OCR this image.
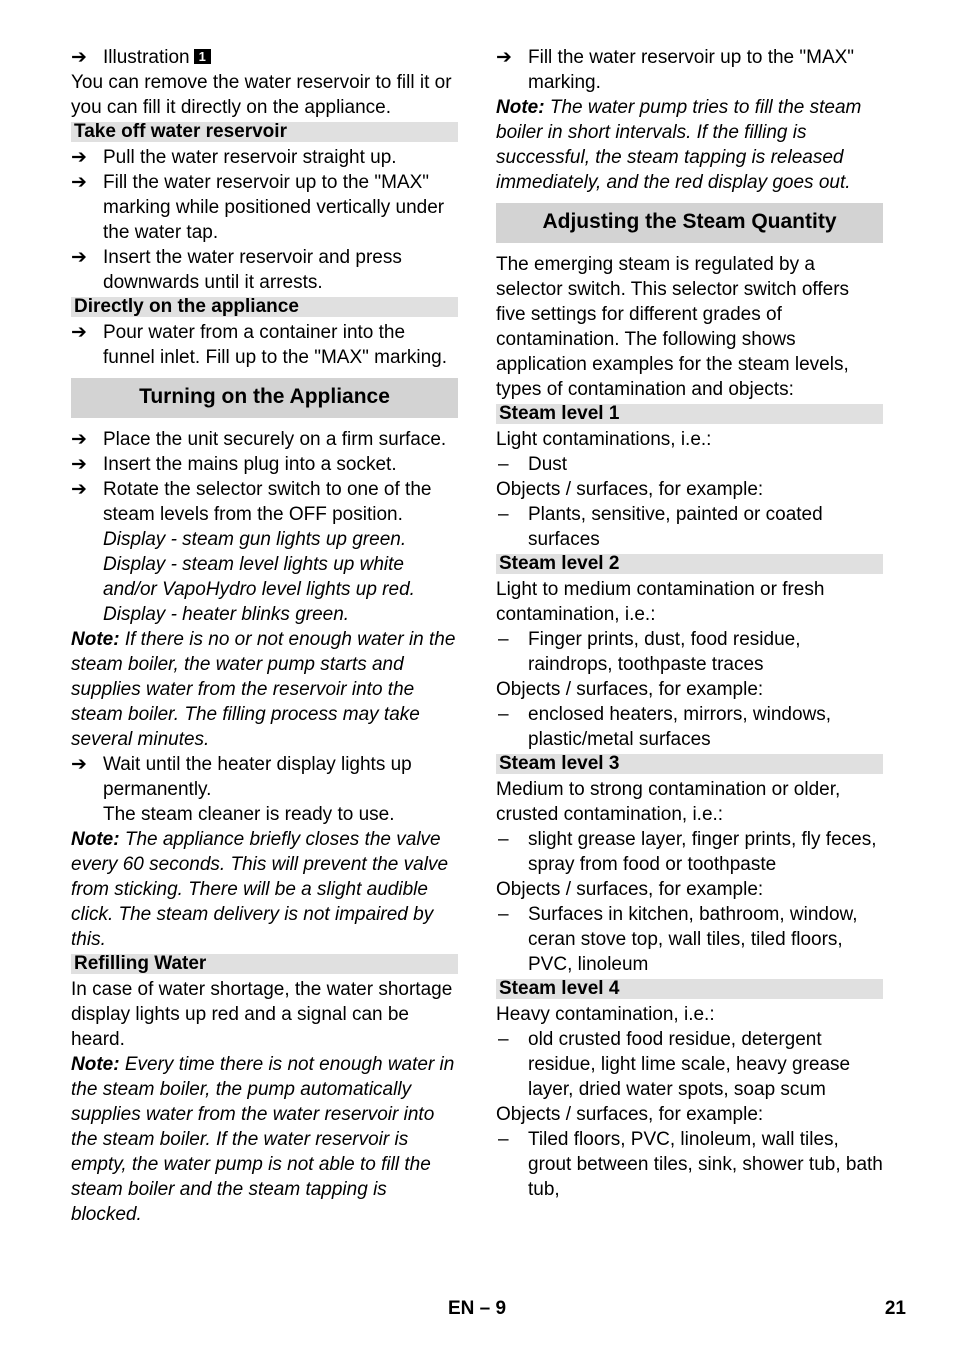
➔ Illustration 1

You can remove the water reservoir to fill it or you can fill it directly on the appliance.

Take off water reservoir
➔ Pull the water reservoir straight up.
➔ Fill the water reservoir up to the "MAX" marking while positioned vertically under the water tap.
➔ Insert the water reservoir and press downwards until it arrests.
Directly on the appliance
➔ Pour water from a container into the funnel inlet. Fill up to the "MAX" marking.
Turning on the Appliance
➔ Place the unit securely on a firm surface.
➔ Insert the mains plug into a socket.
➔ Rotate the selector switch to one of the steam levels from the OFF position.

Display - steam gun lights up green.

Display - steam level lights up white and/or VapoHydro level lights up red.

Display - heater blinks green.

Note: If there is no or not enough water in the steam boiler, the water pump starts and supplies water from the reservoir into the steam boiler. The filling process may take several minutes.

➔ Wait until the heater display lights up permanently.

The steam cleaner is ready to use.

Note: The appliance briefly closes the valve every 60 seconds. This will prevent the valve from sticking. There will be a slight audible click. The steam delivery is not impaired by this.

Refilling Water

In case of water shortage, the water shortage display lights up red and a signal can be heard.

Note: Every time there is not enough water in the steam boiler, the pump automatically supplies water from the water reservoir into the steam boiler. If the water reservoir is empty, the water pump is not able to fill the steam boiler and the steam tapping is blocked.

➔ Fill the water reservoir up to the "MAX" marking.

Note: The water pump tries to fill the steam boiler in short intervals. If the filling is successful, the steam tapping is released immediately, and the red display goes out.

Adjusting the Steam Quantity

The emerging steam is regulated by a selector switch. This selector switch offers five settings for different grades of contamination. The following shows application examples for the steam levels, types of contamination and objects:

Steam level 1

Light contaminations, i.e.:

– Dust

Objects / surfaces, for example:

– Plants, sensitive, painted or coated surfaces
Steam level 2

Light to medium contamination or fresh contamination, i.e.:

– Finger prints, dust, food residue, raindrops, toothpaste traces

Objects / surfaces, for example:

– enclosed heaters, mirrors, windows, plastic/metal surfaces
Steam level 3

Medium to strong contamination or older, crusted contamination, i.e.:

– slight grease layer, finger prints, fly feces, spray from food or toothpaste

Objects / surfaces, for example:

– Surfaces in kitchen, bathroom, window, ceran stove top, wall tiles, tiled floors, PVC, linoleum
Steam level 4

Heavy contamination, i.e.:

– old crusted food residue, detergent residue, light lime scale, heavy grease layer, dried water spots, soap scum

Objects / surfaces, for example:

– Tiled floors, PVC, linoleum, wall tiles, grout between tiles, sink, shower tub, bath tub,
EN – 9	21
